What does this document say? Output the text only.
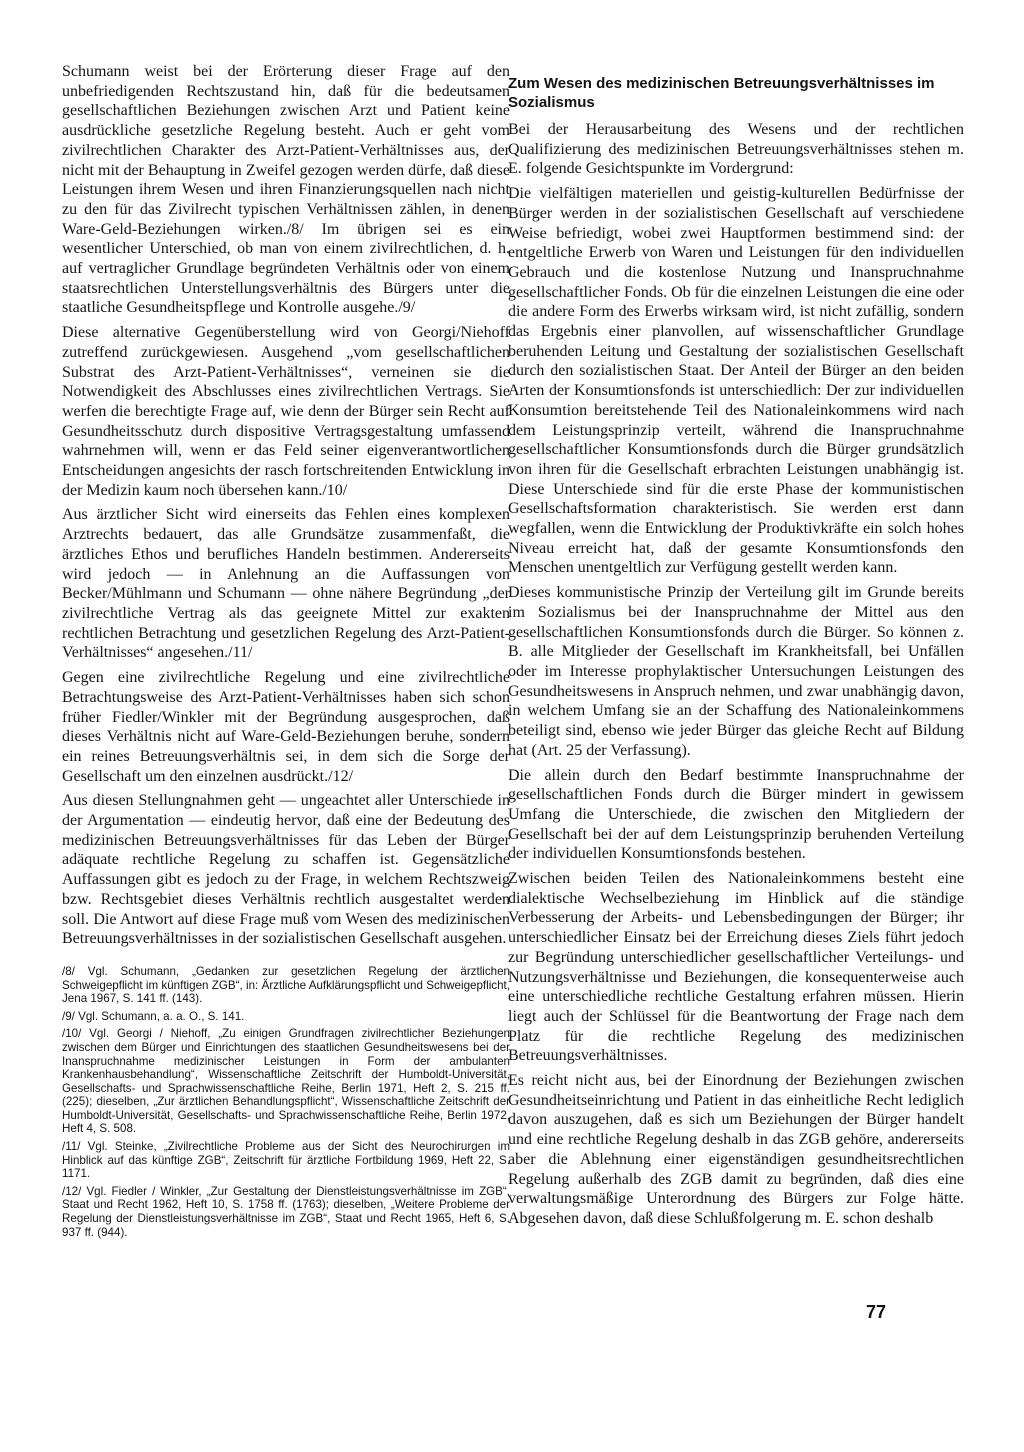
Schumann weist bei der Erörterung dieser Frage auf den unbefriedigenden Rechtszustand hin, daß für die bedeutsamen gesellschaftlichen Beziehungen zwischen Arzt und Patient keine ausdrückliche gesetzliche Regelung besteht. Auch er geht vom zivilrechtlichen Charakter des Arzt-Patient-Verhältnisses aus, der nicht mit der Behauptung in Zweifel gezogen werden dürfe, daß diese Leistungen ihrem Wesen und ihren Finanzierungsquellen nach nicht zu den für das Zivilrecht typischen Verhältnissen zählen, in denen Ware-Geld-Beziehungen wirken./8/ Im übrigen sei es ein wesentlicher Unterschied, ob man von einem zivilrechtlichen, d. h. auf vertraglicher Grundlage begründeten Verhältnis oder von einem staatsrechtlichen Unterstellungsverhältnis des Bürgers unter die staatliche Gesundheitspflege und Kontrolle ausgehe./9/

Diese alternative Gegenüberstellung wird von Georgi/Niehoff zutreffend zurückgewiesen. Ausgehend „vom gesellschaftlichen Substrat des Arzt-Patient-Verhältnisses“, verneinen sie die Notwendigkeit des Abschlusses eines zivilrechtlichen Vertrags. Sie werfen die berechtigte Frage auf, wie denn der Bürger sein Recht auf Gesundheitsschutz durch dispositive Vertragsgestaltung umfassend wahrnehmen will, wenn er das Feld seiner eigenverantwortlichen Entscheidungen angesichts der rasch fortschreitenden Entwicklung in der Medizin kaum noch übersehen kann./10/

Aus ärztlicher Sicht wird einerseits das Fehlen eines komplexen Arztrechts bedauert, das alle Grundsätze zusammenfaßt, die ärztliches Ethos und berufliches Handeln bestimmen. Andererseits wird jedoch — in Anlehnung an die Auffassungen von Becker/Mühlmann und Schumann — ohne nähere Begründung „der zivilrechtliche Vertrag als das geeignete Mittel zur exakten rechtlichen Betrachtung und gesetzlichen Regelung des Arzt-Patient-Verhältnisses“ angesehen./11/

Gegen eine zivilrechtliche Regelung und eine zivilrechtliche Betrachtungsweise des Arzt-Patient-Verhältnisses haben sich schon früher Fiedler/Winkler mit der Begründung ausgesprochen, daß dieses Verhältnis nicht auf Ware-Geld-Beziehungen beruhe, sondern ein reines Betreuungsverhältnis sei, in dem sich die Sorge der Gesellschaft um den einzelnen ausdrückt./12/

Aus diesen Stellungnahmen geht — ungeachtet aller Unterschiede in der Argumentation — eindeutig hervor, daß eine der Bedeutung des medizinischen Betreuungsverhältnisses für das Leben der Bürger adäquate rechtliche Regelung zu schaffen ist. Gegensätzliche Auffassungen gibt es jedoch zu der Frage, in welchem Rechtszweig bzw. Rechtsgebiet dieses Verhältnis rechtlich ausgestaltet werden soll. Die Antwort auf diese Frage muß vom Wesen des medizinischen Betreuungsverhältnisses in der sozialistischen Gesellschaft ausgehen.

/8/ Vgl. Schumann, „Gedanken zur gesetzlichen Regelung der ärztlichen Schweigepflicht im künftigen ZGB“, in: Ärztliche Aufklärungspflicht und Schweigepflicht, Jena 1967, S. 141 ff. (143).

/9/ Vgl. Schumann, a. a. O., S. 141.

/10/ Vgl. Georgi / Niehoff, „Zu einigen Grundfragen zivilrechtlicher Beziehungen zwischen dem Bürger und Einrichtungen des staatlichen Gesundheitswesens bei der Inanspruchnahme medizinischer Leistungen in Form der ambulanten Krankenhausbehandlung“, Wissenschaftliche Zeitschrift der Humboldt-Universität, Gesellschafts- und Sprachwissenschaftliche Reihe, Berlin 1971, Heft 2, S. 215 ff. (225); dieselben, „Zur ärztlichen Behandlungspflicht“, Wissenschaftliche Zeitschrift der Humboldt-Universität, Gesellschafts- und Sprachwissenschaftliche Reihe, Berlin 1972, Heft 4, S. 508.

/11/ Vgl. Steinke, „Zivilrechtliche Probleme aus der Sicht des Neurochirurgen im Hinblick auf das künftige ZGB“, Zeitschrift für ärztliche Fortbildung 1969, Heft 22, S. 1171.

/12/ Vgl. Fiedler / Winkler, „Zur Gestaltung der Dienstleistungsverhältnisse im ZGB“, Staat und Recht 1962, Heft 10, S. 1758 ff. (1763); dieselben, „Weitere Probleme der Regelung der Dienstleistungsverhältnisse im ZGB“, Staat und Recht 1965, Heft 6, S. 937 ff. (944).

Zum Wesen des medizinischen Betreuungsverhältnisses im Sozialismus

Bei der Herausarbeitung des Wesens und der rechtlichen Qualifizierung des medizinischen Betreuungsverhältnisses stehen m. E. folgende Gesichtspunkte im Vordergrund:

Die vielfältigen materiellen und geistig-kulturellen Bedürfnisse der Bürger werden in der sozialistischen Gesellschaft auf verschiedene Weise befriedigt, wobei zwei Hauptformen bestimmend sind: der entgeltliche Erwerb von Waren und Leistungen für den individuellen Gebrauch und die kostenlose Nutzung und Inanspruchnahme gesellschaftlicher Fonds. Ob für die einzelnen Leistungen die eine oder die andere Form des Erwerbs wirksam wird, ist nicht zufällig, sondern das Ergebnis einer planvollen, auf wissenschaftlicher Grundlage beruhenden Leitung und Gestaltung der sozialistischen Gesellschaft durch den sozialistischen Staat. Der Anteil der Bürger an den beiden Arten der Konsumtionsfonds ist unterschiedlich: Der zur individuellen Konsumtion bereitstehende Teil des Nationaleinkommens wird nach dem Leistungsprinzip verteilt, während die Inanspruchnahme gesellschaftlicher Konsumtionsfonds durch die Bürger grundsätzlich von ihren für die Gesellschaft erbrachten Leistungen unabhängig ist. Diese Unterschiede sind für die erste Phase der kommunistischen Gesellschaftsformation charakteristisch. Sie werden erst dann wegfallen, wenn die Entwicklung der Produktivkräfte ein solch hohes Niveau erreicht hat, daß der gesamte Konsumtionsfonds den Menschen unentgeltlich zur Verfügung gestellt werden kann.

Dieses kommunistische Prinzip der Verteilung gilt im Grunde bereits im Sozialismus bei der Inanspruchnahme der Mittel aus den gesellschaftlichen Konsumtionsfonds durch die Bürger. So können z. B. alle Mitglieder der Gesellschaft im Krankheitsfall, bei Unfällen oder im Interesse prophylaktischer Untersuchungen Leistungen des Gesundheitswesens in Anspruch nehmen, und zwar unabhängig davon, in welchem Umfang sie an der Schaffung des Nationaleinkommens beteiligt sind, ebenso wie jeder Bürger das gleiche Recht auf Bildung hat (Art. 25 der Verfassung).

Die allein durch den Bedarf bestimmte Inanspruchnahme der gesellschaftlichen Fonds durch die Bürger mindert in gewissem Umfang die Unterschiede, die zwischen den Mitgliedern der Gesellschaft bei der auf dem Leistungsprinzip beruhenden Verteilung der individuellen Konsumtionsfonds bestehen.

Zwischen beiden Teilen des Nationaleinkommens besteht eine dialektische Wechselbeziehung im Hinblick auf die ständige Verbesserung der Arbeits- und Lebensbedingungen der Bürger; ihr unterschiedlicher Einsatz bei der Erreichung dieses Ziels führt jedoch zur Begründung unterschiedlicher gesellschaftlicher Verteilungs- und Nutzungsverhältnisse und Beziehungen, die konsequenterweise auch eine unterschiedliche rechtliche Gestaltung erfahren müssen. Hierin liegt auch der Schlüssel für die Beantwortung der Frage nach dem Platz für die rechtliche Regelung des medizinischen Betreuungsverhältnisses.

Es reicht nicht aus, bei der Einordnung der Beziehungen zwischen Gesundheitseinrichtung und Patient in das einheitliche Recht lediglich davon auszugehen, daß es sich um Beziehungen der Bürger handelt und eine rechtliche Regelung deshalb in das ZGB gehöre, andererseits aber die Ablehnung einer eigenständigen gesundheitsrechtlichen Regelung außerhalb des ZGB damit zu begründen, daß dies eine verwaltungsmäßige Unterordnung des Bürgers zur Folge hätte. Abgesehen davon, daß diese Schlußfolgerung m. E. schon deshalb

77
